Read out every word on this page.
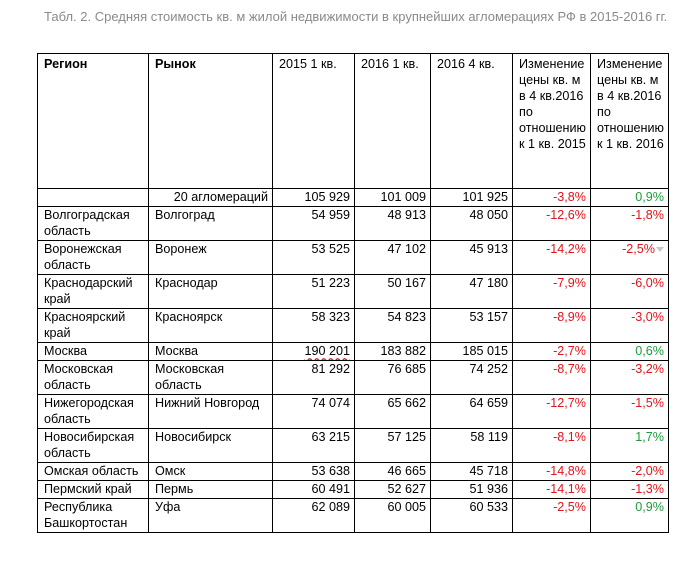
Табл. 2. Средняя стоимость кв. м жилой недвижимости в крупнейших агломерациях РФ в 2015-2016 гг.
Регион	Рынок	2015 1 кв.	2016 1 кв.	2016 4 кв.	Изменение цены кв. м в 4 кв.2016 по отношению к 1 кв. 2015	Изменение цены кв. м в 4 кв.2016 по отношению к 1 кв. 2016
	20 агломераций	105 929	101 009	101 925	-3,8%	0,9%
Волгоградская область	Волгоград	54 959	48 913	48 050	-12,6%	-1,8%
Воронежская область	Воронеж	53 525	47 102	45 913	-14,2%	-2,5%
Краснодарский край	Краснодар	51 223	50 167	47 180	-7,9%	-6,0%
Красноярский край	Красноярск	58 323	54 823	53 157	-8,9%	-3,0%
Москва	Москва	190 201	183 882	185 015	-2,7%	0,6%
Московская область	Московская область	81 292	76 685	74 252	-8,7%	-3,2%
Нижегородская область	Нижний Новгород	74 074	65 662	64 659	-12,7%	-1,5%
Новосибирская область	Новосибирск	63 215	57 125	58 119	-8,1%	1,7%
Омская область	Омск	53 638	46 665	45 718	-14,8%	-2,0%
Пермский край	Пермь	60 491	52 627	51 936	-14,1%	-1,3%
Республика Башкортостан	Уфа	62 089	60 005	60 533	-2,5%	0,9%
